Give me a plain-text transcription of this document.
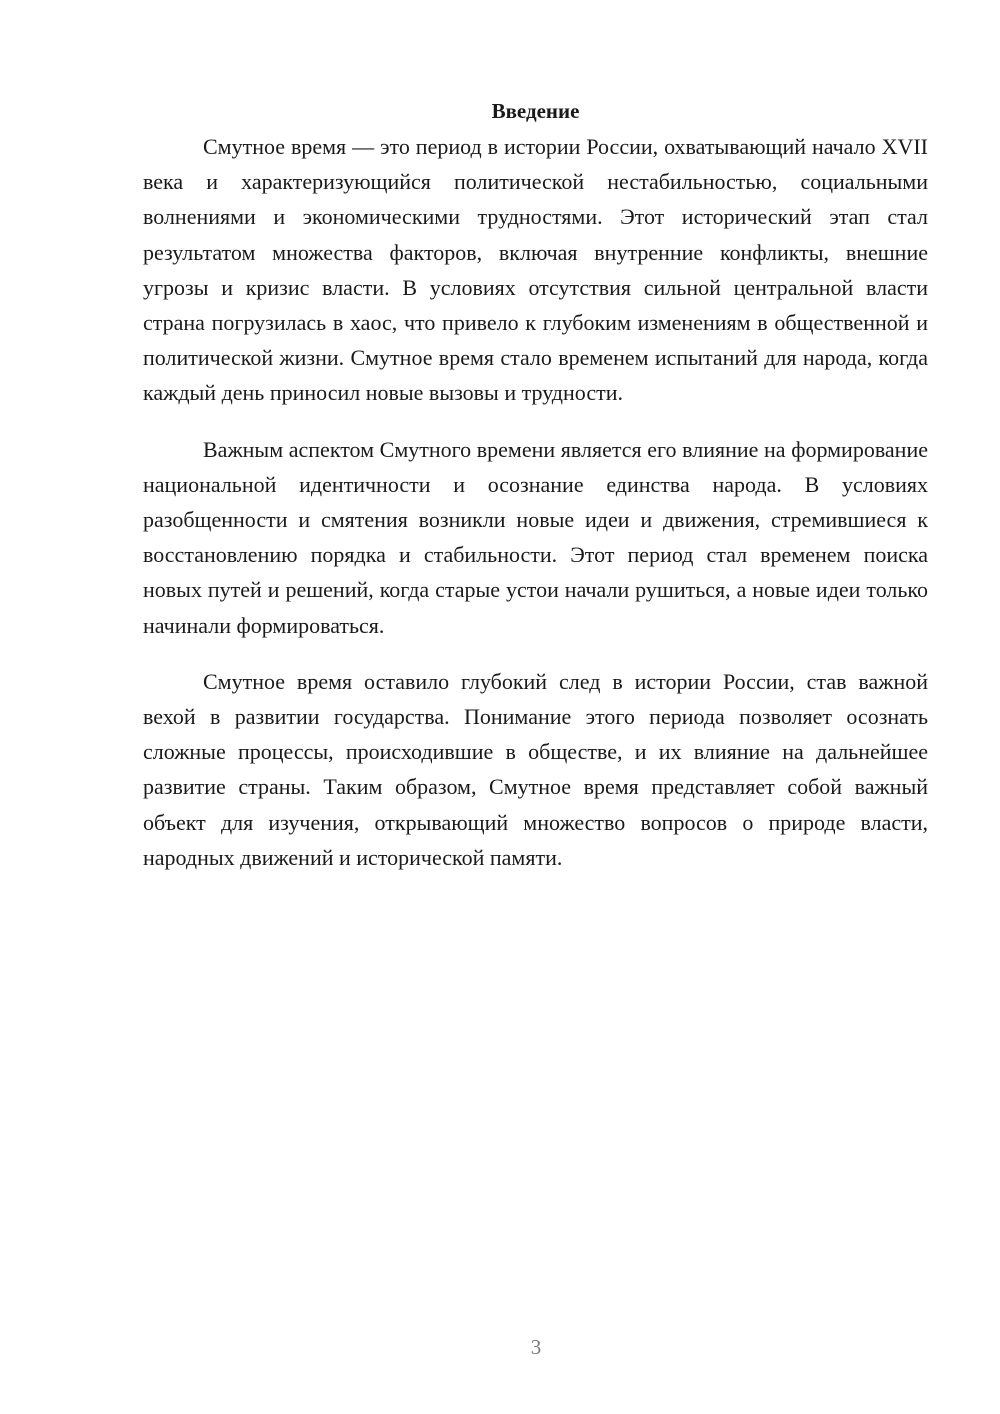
Введение

Смутное время — это период в истории России, охватывающий начало XVII века и характеризующийся политической нестабильностью, социальными волнениями и экономическими трудностями. Этот исторический этап стал результатом множества факторов, включая внутренние конфликты, внешние угрозы и кризис власти. В условиях отсутствия сильной центральной власти страна погрузилась в хаос, что привело к глубоким изменениям в общественной и политической жизни. Смутное время стало временем испытаний для народа, когда каждый день приносил новые вызовы и трудности.

Важным аспектом Смутного времени является его влияние на формирование национальной идентичности и осознание единства народа. В условиях разобщенности и смятения возникли новые идеи и движения, стремившиеся к восстановлению порядка и стабильности. Этот период стал временем поиска новых путей и решений, когда старые устои начали рушиться, а новые идеи только начинали формироваться.

Смутное время оставило глубокий след в истории России, став важной вехой в развитии государства. Понимание этого периода позволяет осознать сложные процессы, происходившие в обществе, и их влияние на дальнейшее развитие страны. Таким образом, Смутное время представляет собой важный объект для изучения, открывающий множество вопросов о природе власти, народных движений и исторической памяти.

3
